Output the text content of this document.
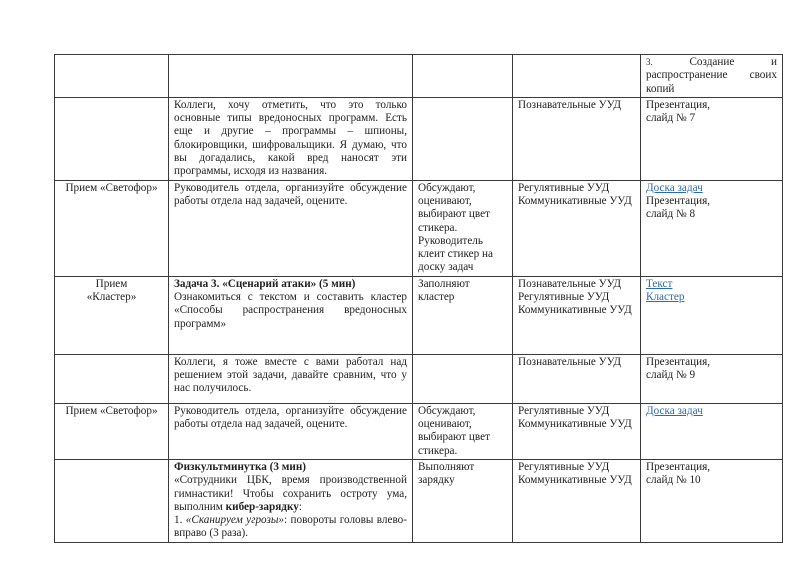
				3. Создание и
распространение своих
копий

	Коллеги, хочу отметить, что это только основные типы вредоносных программ. Есть еще и другие – программы – шпионы, блокировщики, шифровальщики. Я думаю, что вы догадались, какой вред наносят эти программы, исходя из названия.		Познавательные УУД	Презентация,
слайд № 7

Прием «Светофор»	Руководитель отдела, организуйте обсуждение работы отдела над задачей, оцените.	Обсуждают, оценивают, выбирают цвет стикера. Руководитель клеит стикер на доску задач	Регулятивные УУД
Коммуникативные УУД	Доска задач
Презентация,
слайд № 8

Прием
«Кластер»	Задача 3. «Сценарий атаки» (5 мин)
Ознакомиться с текстом и составить кластер «Способы распространения вредоносных программ»	Заполняют кластер	Познавательные УУД
Регулятивные УУД
Коммуникативные УУД	Текст
Кластер

	Коллеги, я тоже вместе с вами работал над решением этой задачи, давайте сравним, что у нас получилось.		Познавательные УУД	Презентация,
слайд № 9

Прием «Светофор»	Руководитель отдела, организуйте обсуждение работы отдела над задачей, оцените.	Обсуждают, оценивают, выбирают цвет стикера.	Регулятивные УУД
Коммуникативные УУД	Доска задач

	Физкультминутка (3 мин)
«Сотрудники ЦБК, время производственной гимнастики! Чтобы сохранить остроту ума, выполним кибер-зарядку:
1. «Сканируем угрозы»: повороты головы влево-вправо (3 раза).	Выполняют зарядку	Регулятивные УУД
Коммуникативные УУД	Презентация,
слайд № 10
